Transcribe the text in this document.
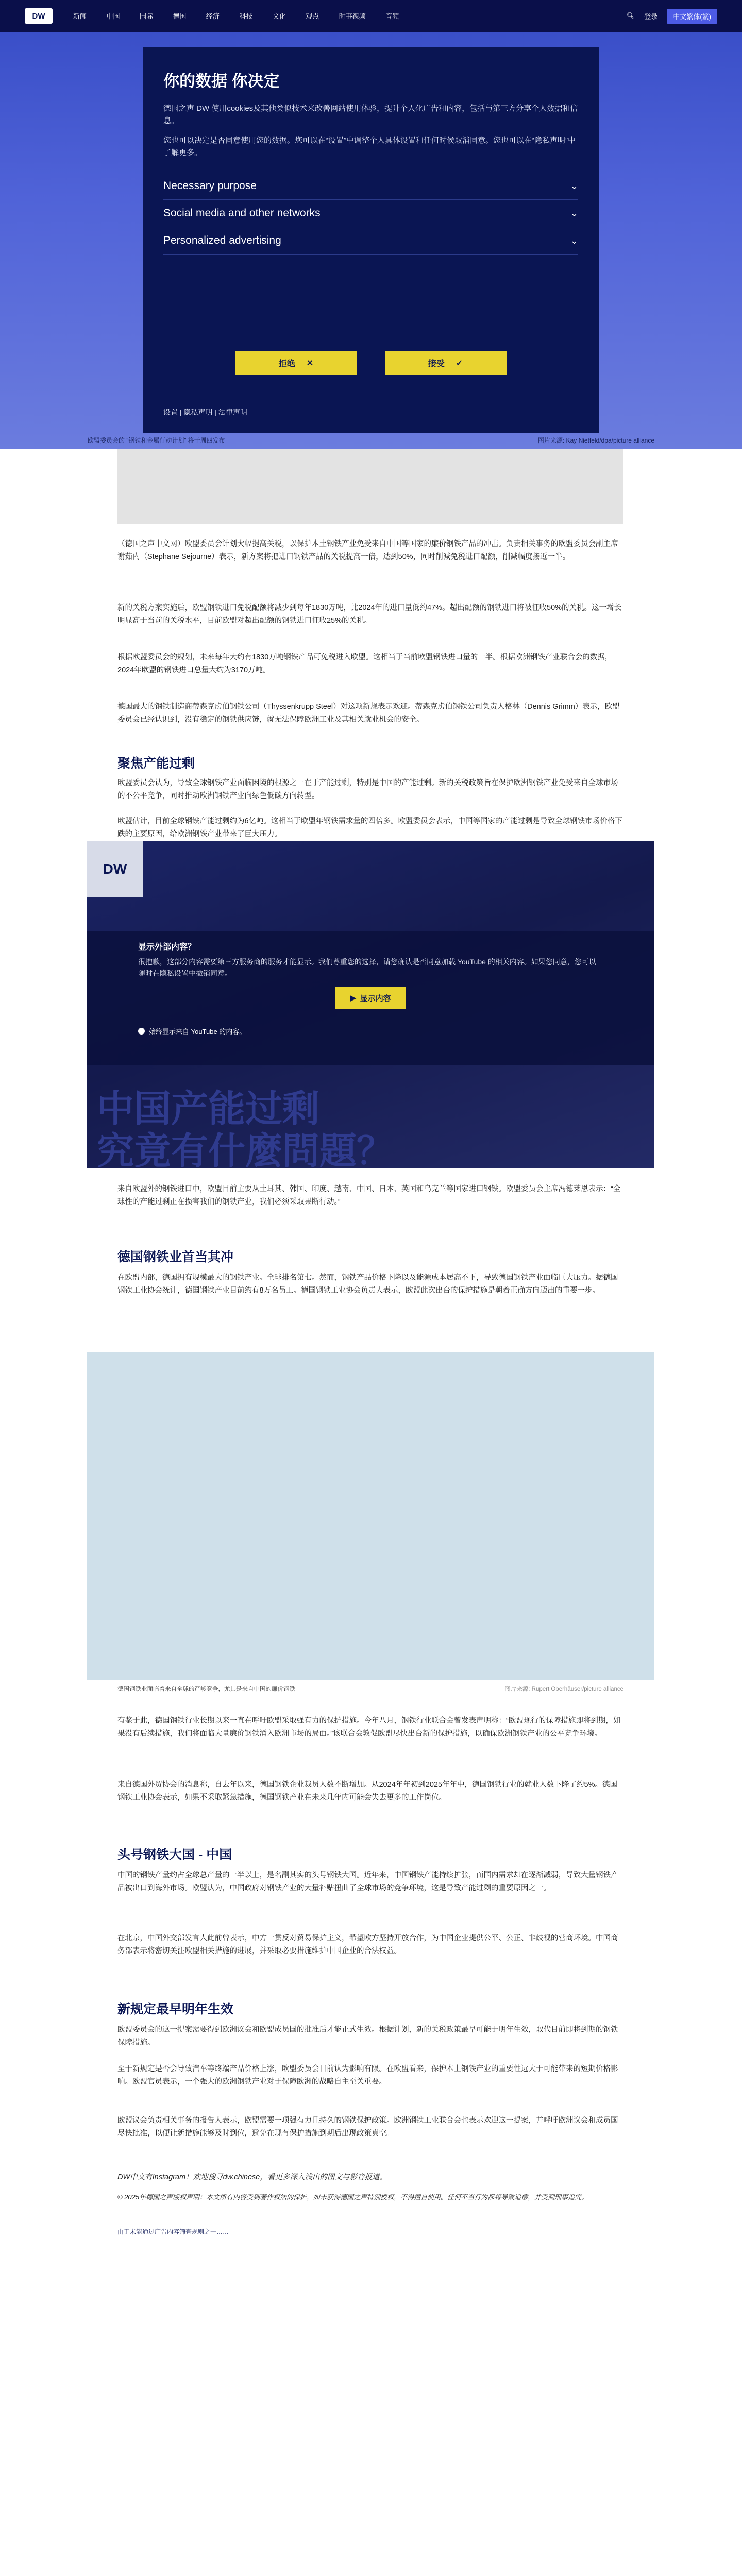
DW	新闻	中国	国际	德国	经济	科技	文化	观点	时事视频	音频	🔍︎ 登录	中文繁体(繁)
欧盟委员会的 “钢铁和金属行动计划” 将于周四发布	图片来源: Kay Nietfeld/dpa/picture alliance
你的数据 你决定

德国之声 DW 使用cookies及其他类似技术来改善网站使用体验，提升个人化广告和内容，包括与第三方分享个人数据和信息。

您也可以决定是否同意使用您的数据。您可以在“设置”中调整个人具体设置和任何时候取消同意。您也可以在“隐私声明”中了解更多。

Necessary purpose	⌄
Social media and other networks	⌄
Personalized advertising	⌄
拒绝 ✕	接受 ✓
设置 | 隐私声明 | 法律声明

（德国之声中文网）欧盟委员会计划大幅提高关税，以保护本土钢铁产业免受来自中国等国家的廉价钢铁产品的冲击。负责相关事务的欧盟委员会副主席谢茹内（Stephane Sejourne）表示，新方案将把进口钢铁产品的关税提高一倍，达到50%，同时削减免税进口配额，削减幅度接近一半。

新的关税方案实施后，欧盟钢铁进口免税配额将减少到每年1830万吨，比2024年的进口量低约47%。超出配额的钢铁进口将被征收50%的关税。这一增长明显高于当前的关税水平，目前欧盟对超出配额的钢铁进口征收25%的关税。

根据欧盟委员会的规划，未来每年大约有1830万吨钢铁产品可免税进入欧盟。这相当于当前欧盟钢铁进口量的一半。根据欧洲钢铁产业联合会的数据，2024年欧盟的钢铁进口总量大约为3170万吨。

德国最大的钢铁制造商蒂森克虏伯钢铁公司（Thyssenkrupp Steel）对这项新规表示欢迎。蒂森克虏伯钢铁公司负责人格林（Dennis Grimm）表示，欧盟委员会已经认识到，没有稳定的钢铁供应链，就无法保障欧洲工业及其相关就业机会的安全。

聚焦产能过剩

欧盟委员会认为，导致全球钢铁产业面临困境的根源之一在于产能过剩，特别是中国的产能过剩。新的关税政策旨在保护欧洲钢铁产业免受来自全球市场的不公平竞争，同时推动欧洲钢铁产业向绿色低碳方向转型。

欧盟估计，目前全球钢铁产能过剩约为6亿吨。这相当于欧盟年钢铁需求量的四倍多。欧盟委员会表示，中国等国家的产能过剩是导致全球钢铁市场价格下跌的主要原因，给欧洲钢铁产业带来了巨大压力。

DW
中国产能过剩
究竟有什麼問題？
显示外部内容？
很抱歉，这部分内容需要第三方服务商的服务才能显示。我们尊重您的选择，请您确认是否同意加载 YouTube 的相关内容。如果您同意，您可以随时在隐私设置中撤销同意。
▶ 显示内容
始终显示来自 YouTube 的内容。

来自欧盟外的钢铁进口中，欧盟目前主要从土耳其、韩国、印度、越南、中国、日本、英国和乌克兰等国家进口钢铁。欧盟委员会主席冯德莱恩表示：“全球性的产能过剩正在损害我们的钢铁产业，我们必须采取果断行动。”

德国钢铁业首当其冲

在欧盟内部，德国拥有规模最大的钢铁产业。全球排名第七。然而，钢铁产品价格下降以及能源成本居高不下，导致德国钢铁产业面临巨大压力。据德国钢铁工业协会统计，德国钢铁产业目前约有8万名员工。德国钢铁工业协会负责人表示，欧盟此次出台的保护措施是朝着正确方向迈出的重要一步。

德国钢铁业面临着来自全球的严峻竞争，尤其是来自中国的廉价钢铁	图片来源: Rupert Oberhäuser/picture alliance

有鉴于此，德国钢铁行业长期以来一直在呼吁欧盟采取强有力的保护措施。今年八月，钢铁行业联合会曾发表声明称：“欧盟现行的保障措施即将到期，如果没有后续措施，我们将面临大量廉价钢铁涌入欧洲市场的局面。”该联合会敦促欧盟尽快出台新的保护措施，以确保欧洲钢铁产业的公平竞争环境。

来自德国外贸协会的消息称，自去年以来，德国钢铁企业裁员人数不断增加。从2024年年初到2025年年中，德国钢铁行业的就业人数下降了约5%。德国钢铁工业协会表示，如果不采取紧急措施，德国钢铁产业在未来几年内可能会失去更多的工作岗位。

头号钢铁大国 - 中国

中国的钢铁产量约占全球总产量的一半以上，是名副其实的头号钢铁大国。近年来，中国钢铁产能持续扩张，而国内需求却在逐渐减弱，导致大量钢铁产品被出口到海外市场。欧盟认为，中国政府对钢铁产业的大量补贴扭曲了全球市场的竞争环境，这是导致产能过剩的重要原因之一。

在北京，中国外交部发言人此前曾表示，中方一贯反对贸易保护主义，希望欧方坚持开放合作，为中国企业提供公平、公正、非歧视的营商环境。中国商务部表示将密切关注欧盟相关措施的进展，并采取必要措施维护中国企业的合法权益。

新规定最早明年生效

欧盟委员会的这一提案需要得到欧洲议会和欧盟成员国的批准后才能正式生效。根据计划，新的关税政策最早可能于明年生效，取代目前即将到期的钢铁保障措施。

至于新规定是否会导致汽车等终端产品价格上涨，欧盟委员会目前认为影响有限。在欧盟看来，保护本土钢铁产业的重要性远大于可能带来的短期价格影响。欧盟官员表示，一个强大的欧洲钢铁产业对于保障欧洲的战略自主至关重要。

欧盟议会负责相关事务的报告人表示，欧盟需要一项强有力且持久的钢铁保护政策。欧洲钢铁工业联合会也表示欢迎这一提案，并呼吁欧洲议会和成员国尽快批准，以便让新措施能够及时到位，避免在现有保护措施到期后出现政策真空。

DW中文有Instagram！欢迎搜寻dw.chinese，看更多深入浅出的图文与影音报道。

© 2025年德国之声版权声明：本文所有内容受到著作权法的保护，如未获得德国之声特别授权，不得擅自使用。任何不当行为都将导致追偿，并受到刑事追究。

由于未能通过广告内容筛查规则之一……
